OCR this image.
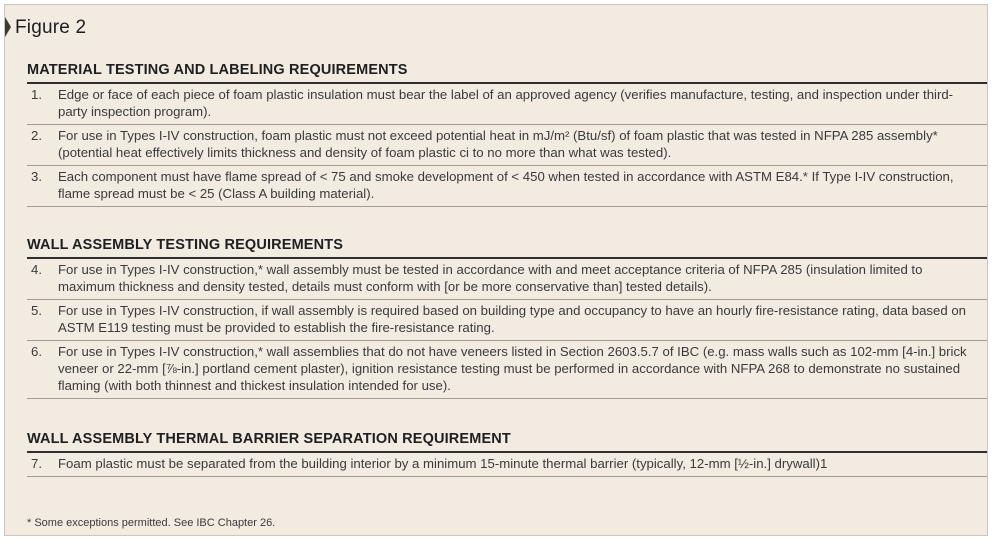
Figure 2
MATERIAL TESTING AND LABELING REQUIREMENTS
1.	Edge or face of each piece of foam plastic insulation must bear the label of an approved agency (verifies manufacture, testing, and inspection under third-party inspection program).
2.	For use in Types I-IV construction, foam plastic must not exceed potential heat in mJ/m² (Btu/sf) of foam plastic that was tested in NFPA 285 assembly* (potential heat effectively limits thickness and density of foam plastic ci to no more than what was tested).
3.	Each component must have flame spread of < 75 and smoke development of < 450 when tested in accordance with ASTM E84.* If Type I-IV construction, flame spread must be < 25 (Class A building material).
WALL ASSEMBLY TESTING REQUIREMENTS
4.	For use in Types I-IV construction,* wall assembly must be tested in accordance with and meet acceptance criteria of NFPA 285 (insulation limited to maximum thickness and density tested, details must conform with [or be more conservative than] tested details).
5.	For use in Types I-IV construction, if wall assembly is required based on building type and occupancy to have an hourly fire-resistance rating, data based on ASTM E119 testing must be provided to establish the fire-resistance rating.
6.	For use in Types I-IV construction,* wall assemblies that do not have veneers listed in Section 2603.5.7 of IBC (e.g. mass walls such as 102-mm [4-in.] brick veneer or 22-mm [⅞-in.] portland cement plaster), ignition resistance testing must be performed in accordance with NFPA 268 to demonstrate no sustained flaming (with both thinnest and thickest insulation intended for use).
WALL ASSEMBLY THERMAL BARRIER SEPARATION REQUIREMENT
7.	Foam plastic must be separated from the building interior by a minimum 15-minute thermal barrier (typically, 12-mm [½-in.] drywall)1
* Some exceptions permitted. See IBC Chapter 26.
